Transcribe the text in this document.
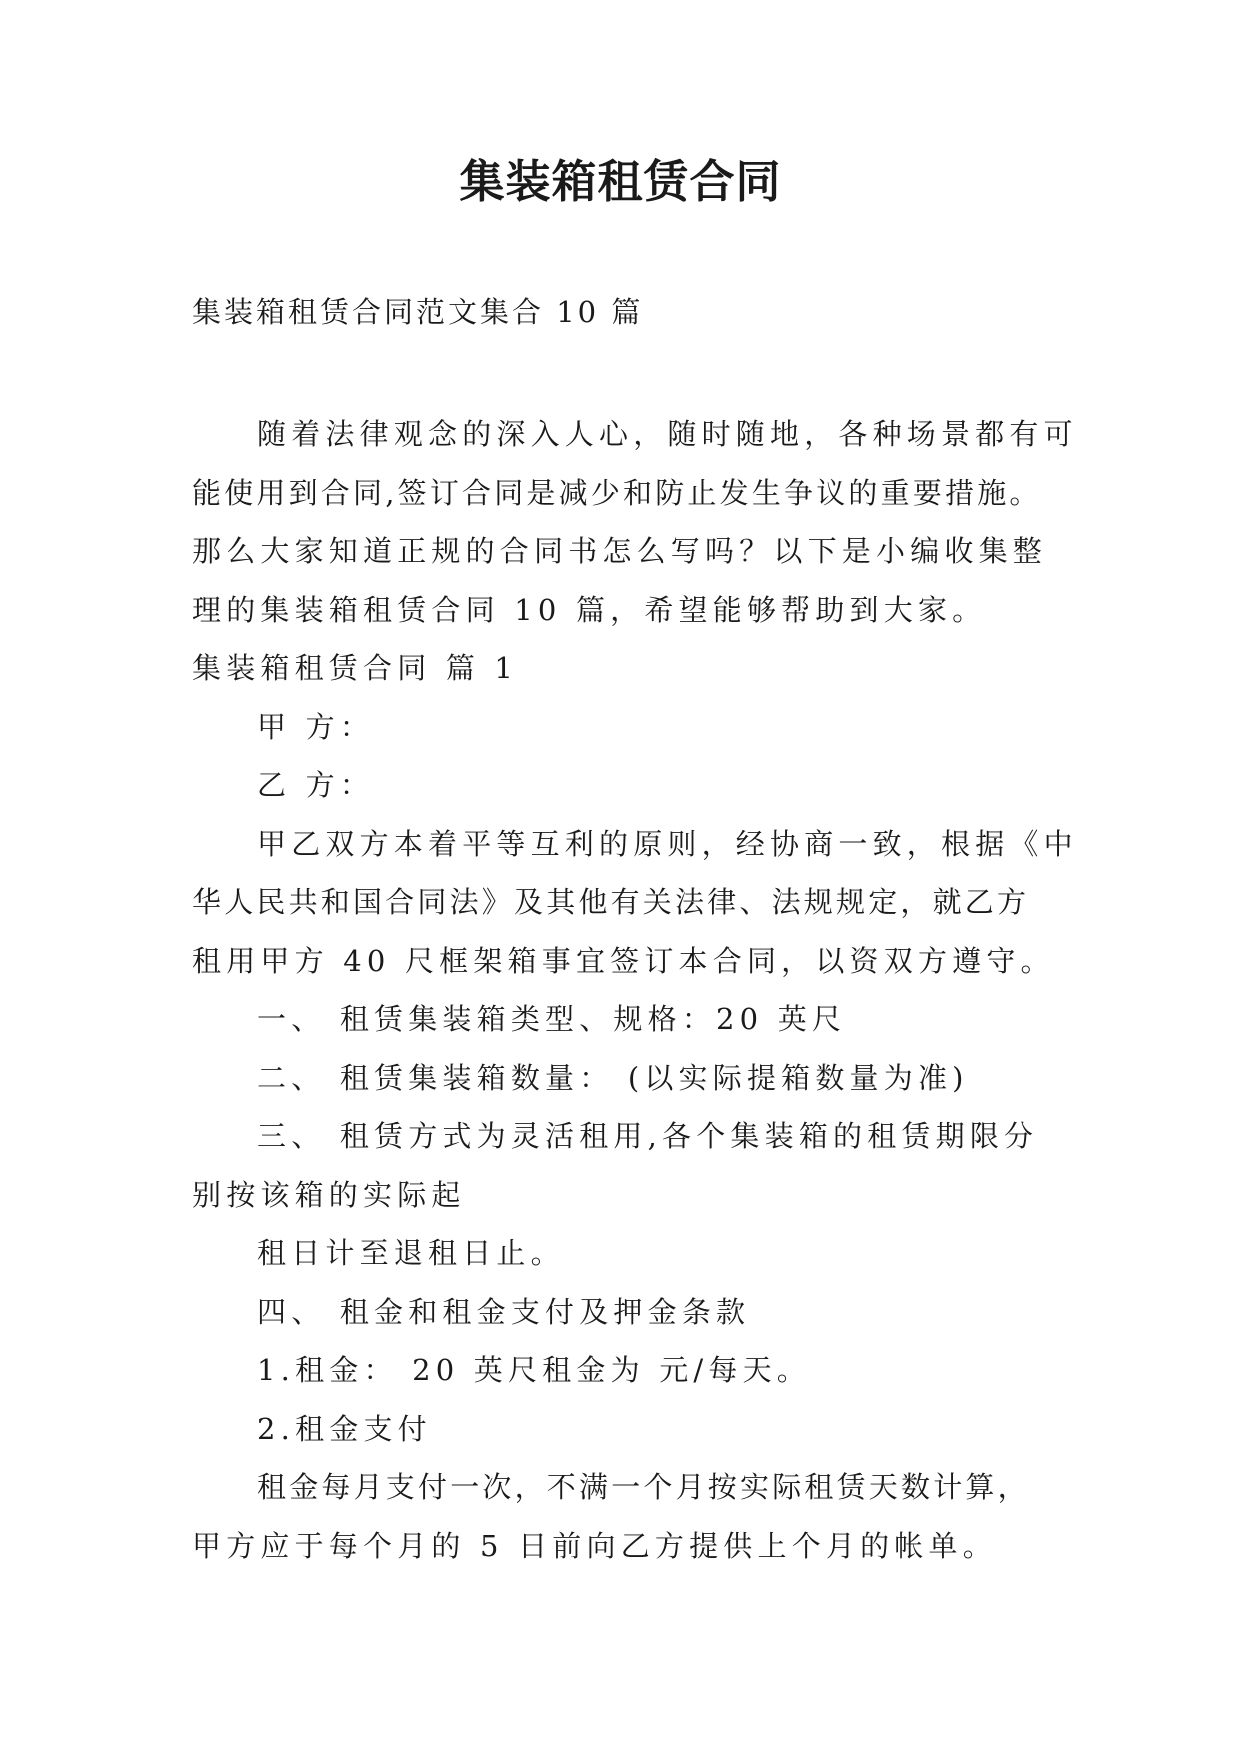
集装箱租赁合同

集装箱租赁合同范文集合 10 篇

随着法律观念的深入人心，随时随地，各种场景都有可

能使用到合同,签订合同是减少和防止发生争议的重要措施。

那么大家知道正规的合同书怎么写吗？以下是小编收集整

理的集装箱租赁合同 10 篇，希望能够帮助到大家。

集装箱租赁合同 篇 1

甲 方：

乙 方：

甲乙双方本着平等互利的原则，经协商一致，根据《中

华人民共和国合同法》及其他有关法律、法规规定，就乙方

租用甲方 40 尺框架箱事宜签订本合同，以资双方遵守。

一、 租赁集装箱类型、规格：20 英尺

二、 租赁集装箱数量： (以实际提箱数量为准)

三、 租赁方式为灵活租用,各个集装箱的租赁期限分

别按该箱的实际起

租日计至退租日止。

四、 租金和租金支付及押金条款

1.租金： 20 英尺租金为 元/每天。

2.租金支付

租金每月支付一次，不满一个月按实际租赁天数计算，

甲方应于每个月的 5 日前向乙方提供上个月的帐单。
